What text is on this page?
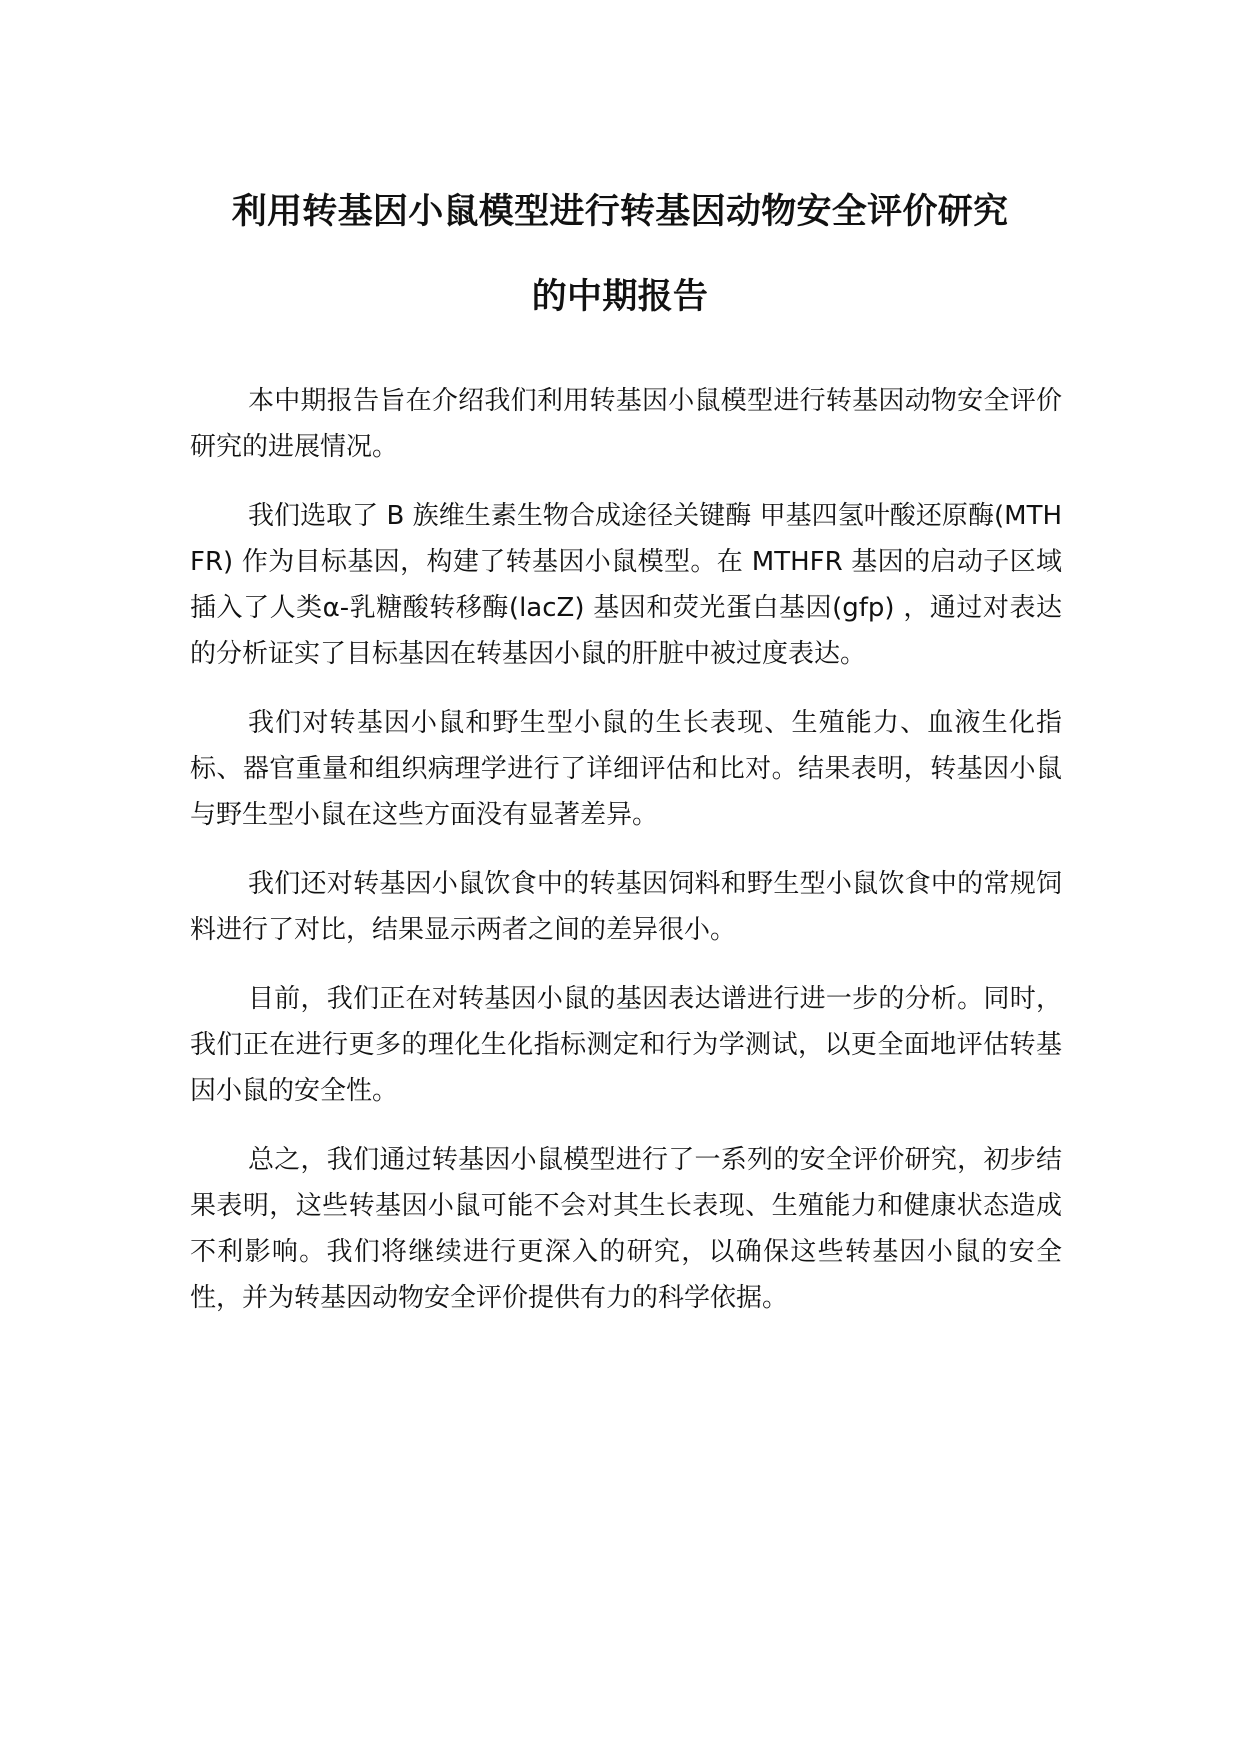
利用转基因小鼠模型进行转基因动物安全评价研究
的中期报告

本中期报告旨在介绍我们利用转基因小鼠模型进行转基因动物安全评价研究的进展情况。

我们选取了 B 族维生素生物合成途径关键酶 甲基四氢叶酸还原酶(MTHFR) 作为目标基因，构建了转基因小鼠模型。在 MTHFR 基因的启动子区域插入了人类α-乳糖酸转移酶(lacZ) 基因和荧光蛋白基因(gfp) ，通过对表达的分析证实了目标基因在转基因小鼠的肝脏中被过度表达。

我们对转基因小鼠和野生型小鼠的生长表现、生殖能力、血液生化指标、器官重量和组织病理学进行了详细评估和比对。结果表明，转基因小鼠与野生型小鼠在这些方面没有显著差异。

我们还对转基因小鼠饮食中的转基因饲料和野生型小鼠饮食中的常规饲料进行了对比，结果显示两者之间的差异很小。

目前，我们正在对转基因小鼠的基因表达谱进行进一步的分析。同时，我们正在进行更多的理化生化指标测定和行为学测试，以更全面地评估转基因小鼠的安全性。

总之，我们通过转基因小鼠模型进行了一系列的安全评价研究，初步结果表明，这些转基因小鼠可能不会对其生长表现、生殖能力和健康状态造成不利影响。我们将继续进行更深入的研究，以确保这些转基因小鼠的安全性，并为转基因动物安全评价提供有力的科学依据。
